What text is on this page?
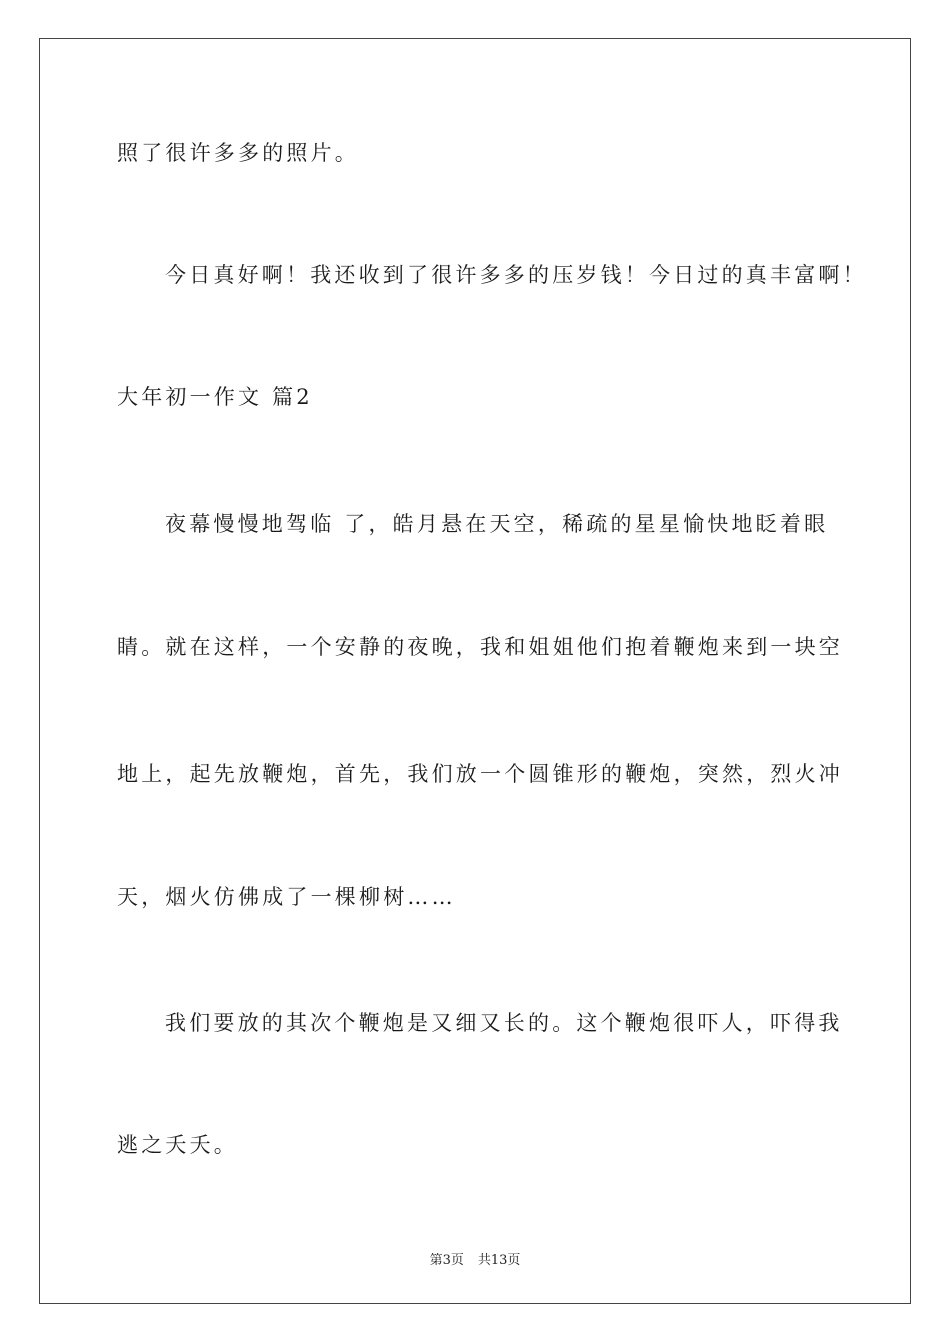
照了很许多多的照片。
今日真好啊！我还收到了很许多多的压岁钱！今日过的真丰富啊！
大年初一作文 篇2
夜幕慢慢地驾临 了，皓月悬在天空，稀疏的星星愉快地眨着眼
睛。就在这样，一个安静的夜晚，我和姐姐他们抱着鞭炮来到一块空
地上，起先放鞭炮，首先，我们放一个圆锥形的鞭炮，突然，烈火冲
天，烟火仿佛成了一棵柳树……
我们要放的其次个鞭炮是又细又长的。这个鞭炮很吓人，吓得我
逃之夭夭。
第3页 共13页
